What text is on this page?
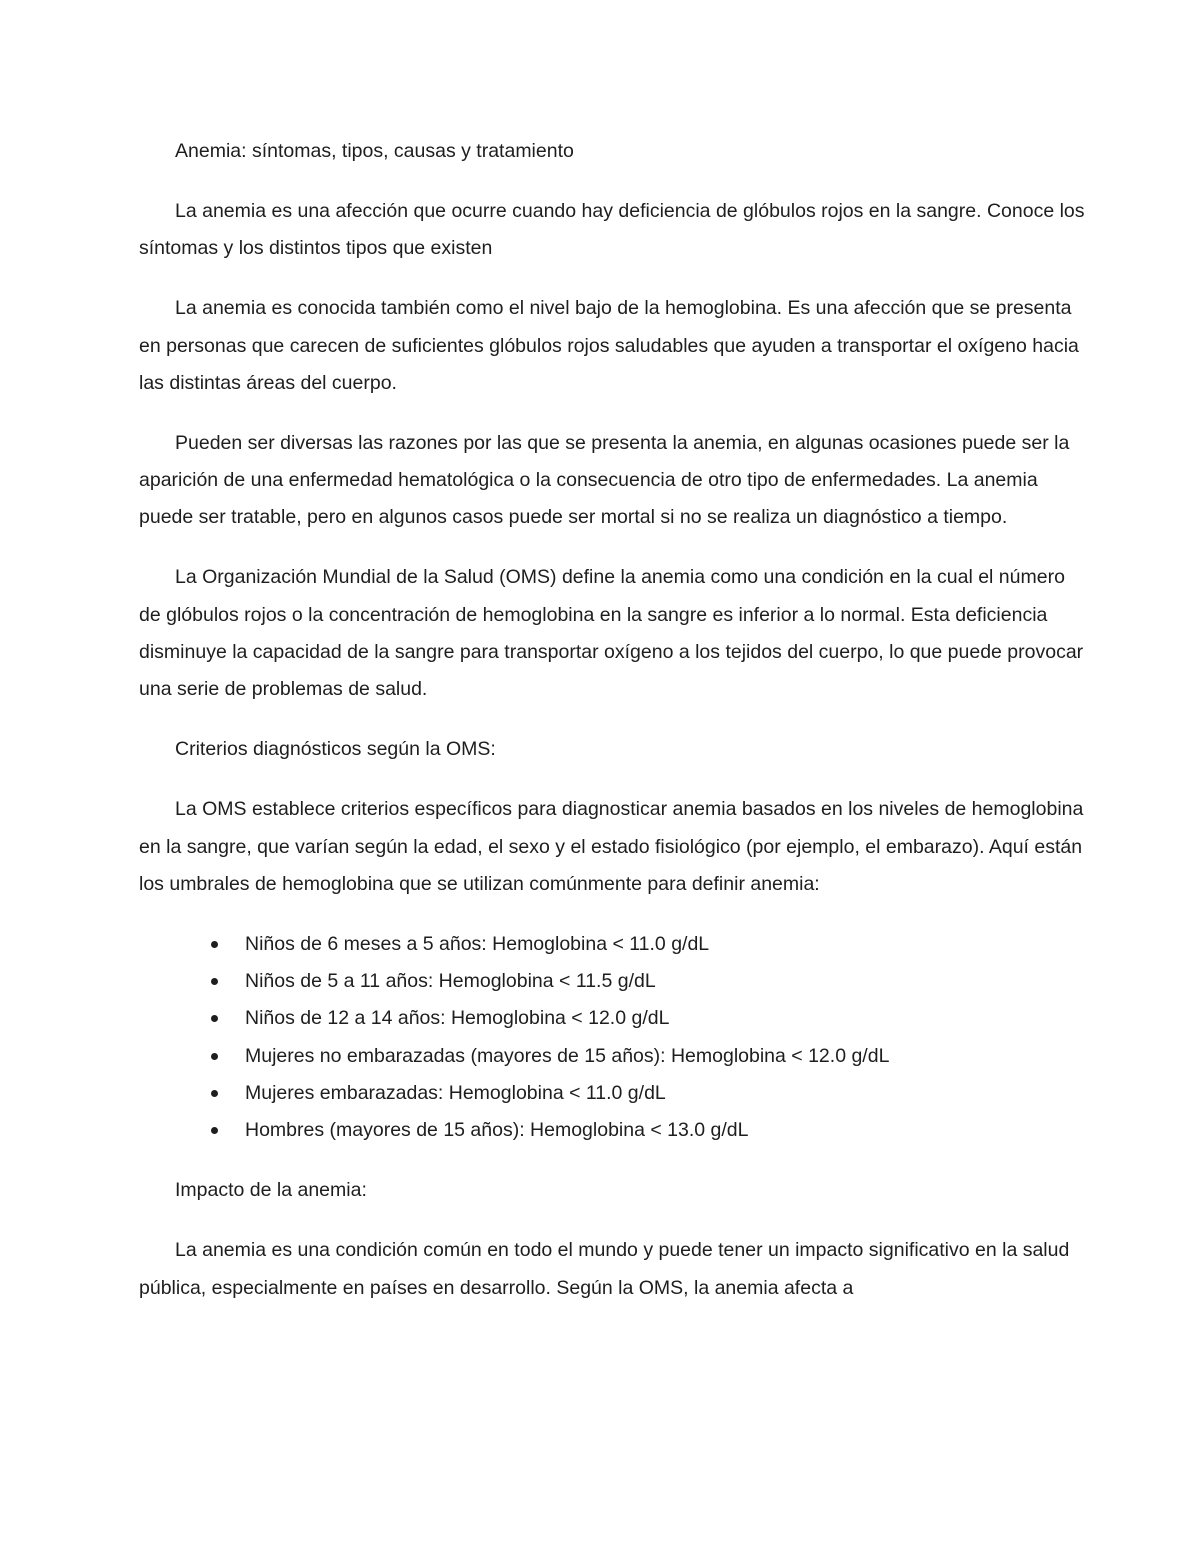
Anemia: síntomas, tipos, causas y tratamiento

La anemia es una afección que ocurre cuando hay deficiencia de glóbulos rojos en la sangre. Conoce los síntomas y los distintos tipos que existen

La anemia es conocida también como el nivel bajo de la hemoglobina. Es una afección que se presenta en personas que carecen de suficientes glóbulos rojos saludables que ayuden a transportar el oxígeno hacia las distintas áreas del cuerpo.

Pueden ser diversas las razones por las que se presenta la anemia, en algunas ocasiones puede ser la aparición de una enfermedad hematológica o la consecuencia de otro tipo de enfermedades. La anemia puede ser tratable, pero en algunos casos puede ser mortal si no se realiza un diagnóstico a tiempo.

La Organización Mundial de la Salud (OMS) define la anemia como una condición en la cual el número de glóbulos rojos o la concentración de hemoglobina en la sangre es inferior a lo normal. Esta deficiencia disminuye la capacidad de la sangre para transportar oxígeno a los tejidos del cuerpo, lo que puede provocar una serie de problemas de salud.

Criterios diagnósticos según la OMS:

La OMS establece criterios específicos para diagnosticar anemia basados en los niveles de hemoglobina en la sangre, que varían según la edad, el sexo y el estado fisiológico (por ejemplo, el embarazo). Aquí están los umbrales de hemoglobina que se utilizan comúnmente para definir anemia:

Niños de 6 meses a 5 años: Hemoglobina < 11.0 g/dL
Niños de 5 a 11 años: Hemoglobina < 11.5 g/dL
Niños de 12 a 14 años: Hemoglobina < 12.0 g/dL
Mujeres no embarazadas (mayores de 15 años): Hemoglobina < 12.0 g/dL
Mujeres embarazadas: Hemoglobina < 11.0 g/dL
Hombres (mayores de 15 años): Hemoglobina < 13.0 g/dL

Impacto de la anemia:

La anemia es una condición común en todo el mundo y puede tener un impacto significativo en la salud pública, especialmente en países en desarrollo. Según la OMS, la anemia afecta a
